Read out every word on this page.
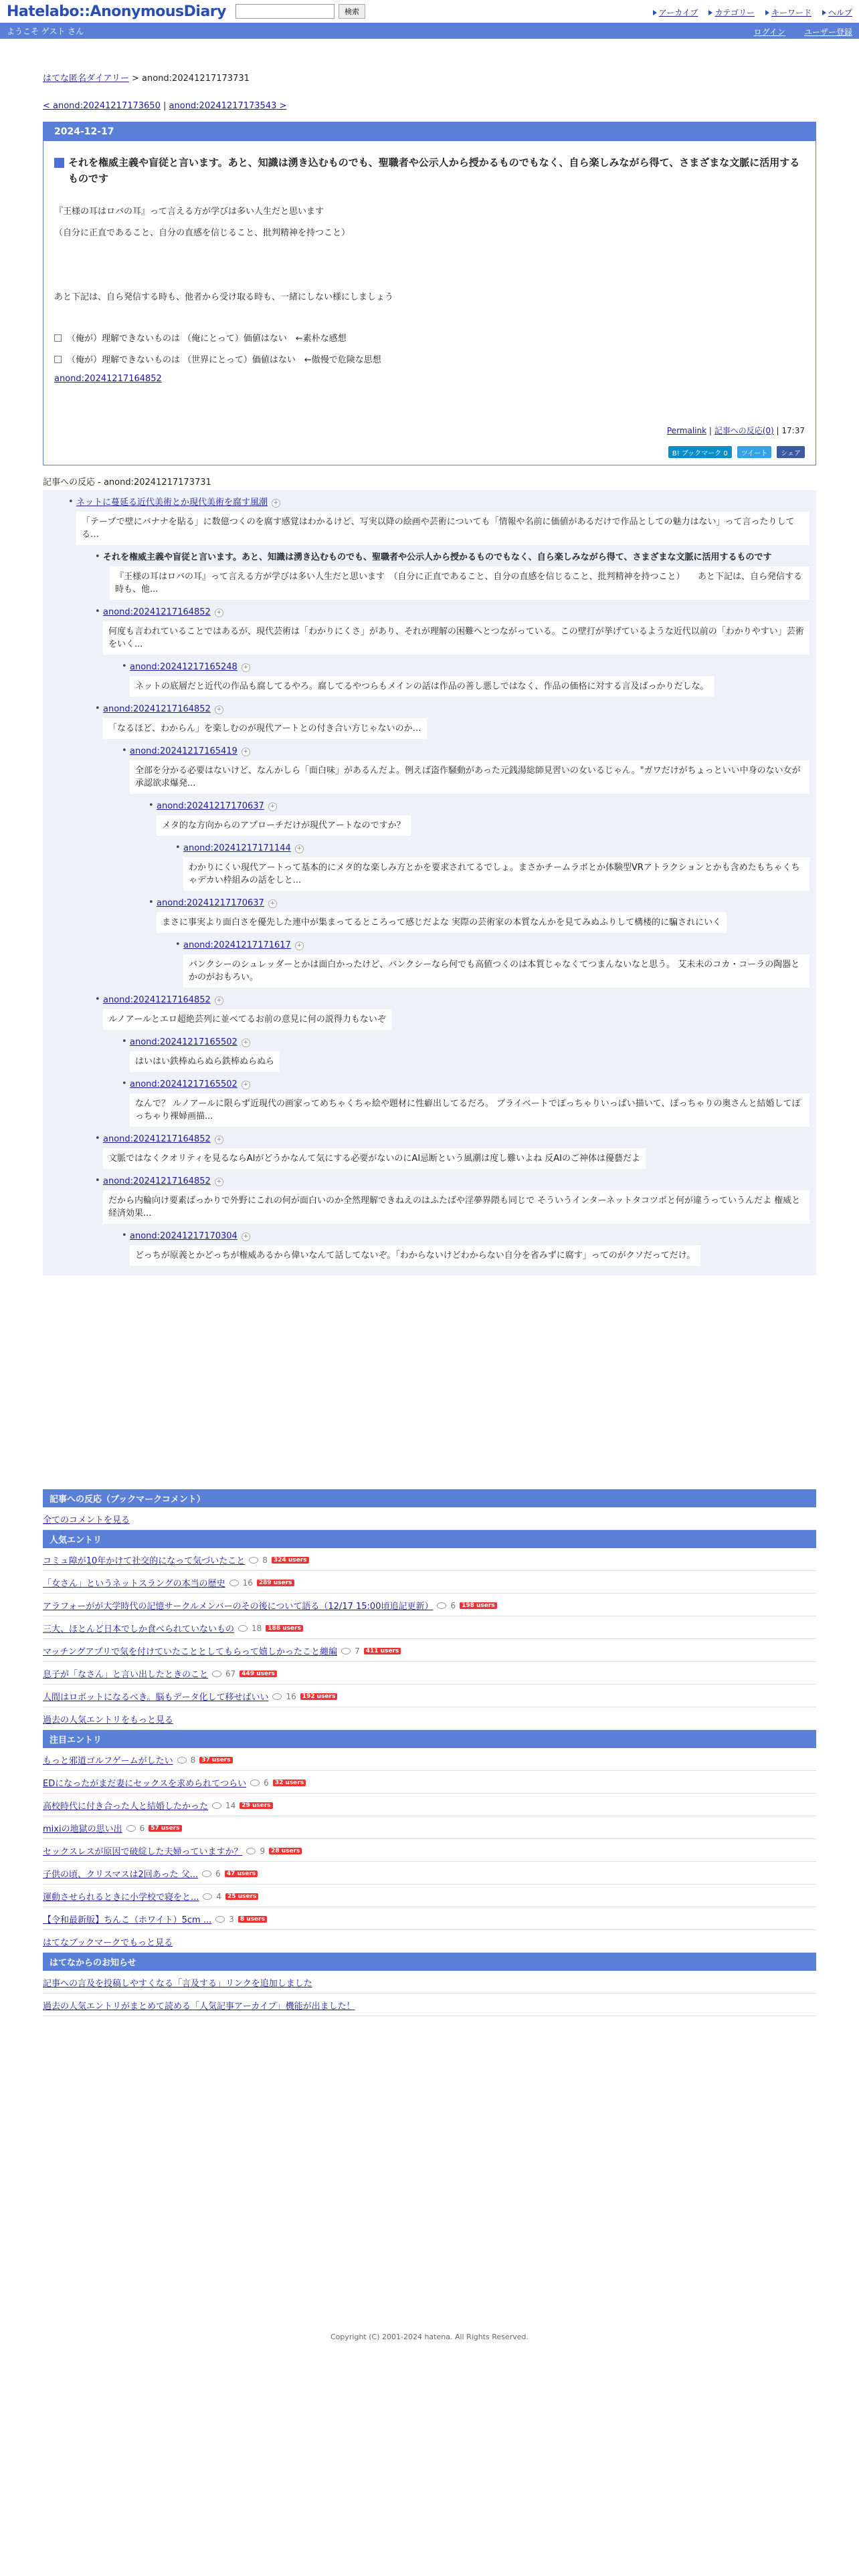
Hatelabo::AnonymousDiary	検索	アーカイブ カテゴリー キーワード ヘルプ
ようこそ ゲスト さん	ログイン ユーザー登録
はてな匿名ダイアリー > anond:20241217173731
< anond:20241217173650 | anond:20241217173543 >
2024-12-17
それを権威主義や盲従と言います。あと、知識は湧き込むものでも、聖職者や公示人から授かるものでもなく、自ら楽しみながら得て、さまざまな文脈に活用するものです

『王様の耳はロバの耳』って言える方が学びは多い人生だと思います

（自分に正直であること、自分の直感を信じること、批判精神を持つこと）

あと下記は、自ら発信する時も、他者から受け取る時も、一緒にしない様にしましょう

（俺が）理解できないものは （俺にとって）価値はない　←素朴な感想

（俺が）理解できないものは （世界にとって）価値はない　←傲慢で危険な思想

anond:20241217164852
Permalink | 記事への反応(0) | 17:37
B! ブックマーク 0	ツイート	シェア
記事への反応 - anond:20241217173731
• ネットに蔓延る近代美術とか現代美術を腐す風潮 +
「テープで壁にバナナを貼る」に数億つくのを腐す感覚はわかるけど、写実以降の絵画や芸術についても「情報や名前に価値があるだけで作品としての魅力はない」って言ったりしてる…
• それを権威主義や盲従と言います。あと、知識は湧き込むものでも、聖職者や公示人から授かるものでもなく、自ら楽しみながら得て、さまざまな文脈に活用するものです
『王様の耳はロバの耳』って言える方が学びは多い人生だと思います　（自分に正直であること、自分の直感を信じること、批判精神を持つこと）　　あと下記は、自ら発信する時も、他...
• anond:20241217164852 +
何度も言われていることではあるが、現代芸術は「わかりにくさ」があり、それが理解の困難へとつながっている。この壁打が挙げているような近代以前の「わかりやすい」芸術をいく...
• anond:20241217165248 +
ネットの底層だと近代の作品も腐してるやろ。腐してるやつらもメインの話は作品の善し悪しではなく、作品の価格に対する言及ばっかりだしな。
• anond:20241217164852 +
「なるほど、わからん」を楽しむのが現代アートとの付き合い方じゃないのか…
• anond:20241217165419 +
全部を分かる必要はないけど、なんかしら「面白味」があるんだよ。例えば盗作騒動があった元銭湯総師見習いの女いるじゃん。"ガワだけがちょっといい中身のない女が承認欲求爆発...
• anond:20241217170637 +
メタ的な方向からのアプローチだけが現代アートなのですか？
• anond:20241217171144 +
わかりにくい現代アートって基本的にメタ的な楽しみ方とかを要求されてるでしょ。まさかチームラボとか体験型VRアトラクションとかも含めたもちゃくちゃデカい枠組みの話をしと...
• anond:20241217170637 +
まさに事実より面白さを優先した連中が集まってるところって感じだよな 実際の芸術家の本質なんかを見てみぬふりして構楼的に騙されにいく
• anond:20241217171617 +
バンクシーのシュレッダーとかは面白かったけど、バンクシーなら何でも高値つくのは本質じゃなくてつまんないなと思う。 艾未未のコカ・コーラの陶器とかのがおもろい。
• anond:20241217164852 +
ルノアールとエロ超絶芸列に並べてるお前の意見に何の説得力もないぞ
• anond:20241217165502 +
はいはい鉄棒ぬらぬら鉄棒ぬらぬら
• anond:20241217165502 +
なんで？ ルノアールに限らず近現代の画家ってめちゃくちゃ絵や題材に性癖出してるだろ。 ブライベートでぽっちゃりいっぱい描いて、ぽっちゃりの奥さんと結婚してぽっちゃり裸婦画描...
• anond:20241217164852 +
文脈ではなくクオリティを見るならAIがどうかなんて気にする必要がないのにAI忌断という風潮は度し難いよね 反AIのご神体は優藝だよ
• anond:20241217164852 +
だから内輪向け要素ばっかりで外野にこれの何が面白いのか全然理解できねえのはふたばや淫夢界隈も同じで そういうインターネットタコツボと何が違うっていうんだよ 権威と経済効果...
• anond:20241217170304 +
どっちが原義とかどっちが権威あるから偉いなんて話してないぞ。「わからないけどわからない自分を省みずに腐す」ってのがクソだってだけ。
記事への反応（ブックマークコメント）
全てのコメントを見る
人気エントリ
コミュ障が10年かけて社交的になって気づいたこと 8	324 users
「女さん」というネットスラングの本当の歴史 16	289 users
アラフォーがが大学時代の記憶サークルメンバーのその後について語る（12/17 15:00頃追記更新） 6	198 users
三大、ほとんど日本でしか食べられていないもの 18	188 users
マッチングアプリで気を付けていたこととしてもらって嬉しかったこと纏編 7	411 users
息子が「なさん」と言い出したときのこと 67	449 users
人間はロボットになるべき。脳もデータ化して移せばいい 16	192 users
過去の人気エントリをもっと見る
注目エントリ
もっと邪道ゴルフゲームがしたい 8	37 users
EDになったがまだ妻にセックスを求められてつらい 6	32 users
高校時代に付き合った人と結婚したかった 14	29 users
mixiの地獄の思い出 6	57 users
セックスレスが原因で破綻した夫婦っていますか？ 9	28 users
子供の頃、クリスマスは2回あった 父... 6	47 users
運動させられるときに小学校で寝をと... 4	25 users
【令和最新版】ちんこ（ホワイト）5cm ... 3	8 users
はてなブックマークでもっと見る
はてなからのお知らせ
記事への言及を投稿しやすくなる「言及する」リンクを追加しました
過去の人気エントリがまとめて読める「人気記事アーカイブ」機能が出ました！
Copyright (C) 2001-2024 hatena. All Rights Reserved.
